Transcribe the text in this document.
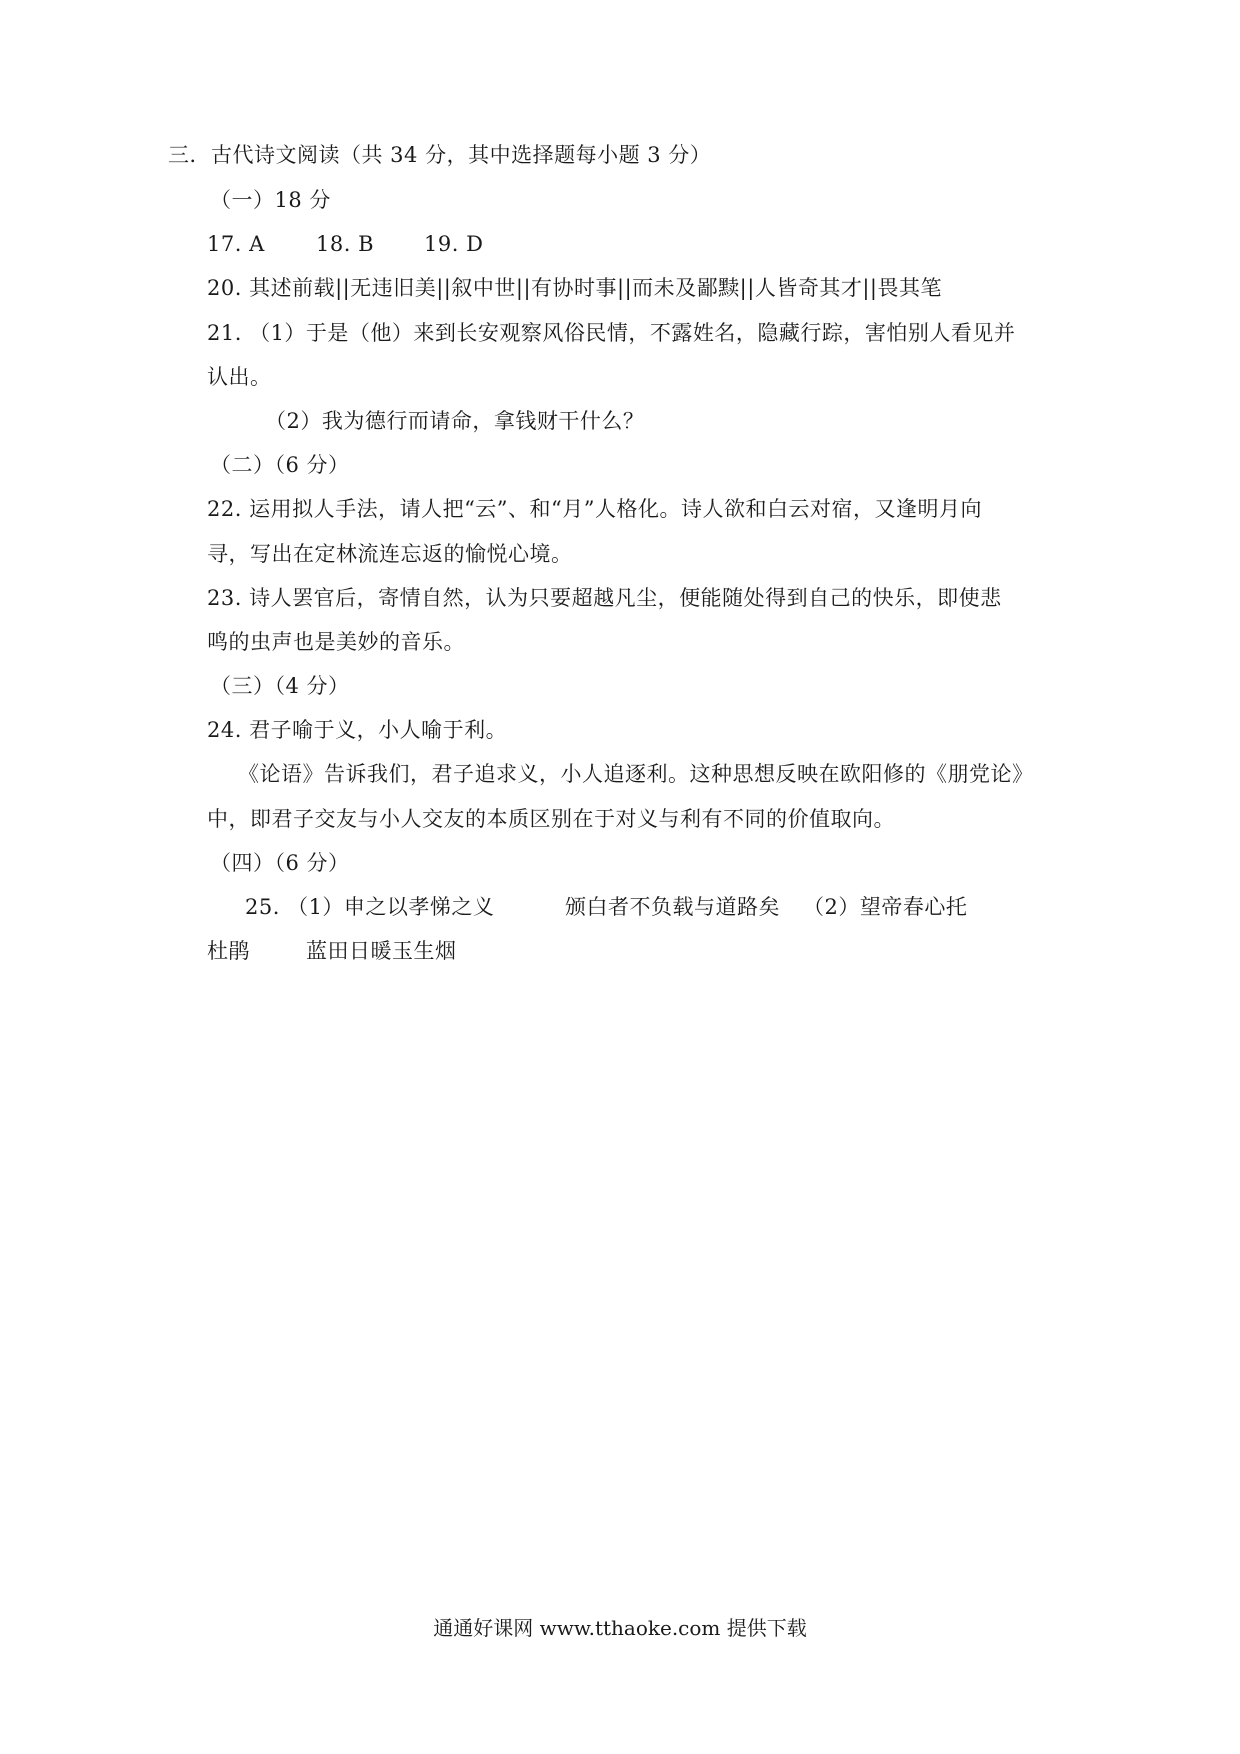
三．古代诗文阅读（共 34 分，其中选择题每小题 3 分）
（一）18 分
17. A 18. B 19. D
20. 其述前载||无违旧美||叙中世||有协时事||而未及鄙黩||人皆奇其才||畏其笔
21. （1）于是（他）来到长安观察风俗民情，不露姓名，隐藏行踪，害怕别人看见并
认出。
（2）我为德行而请命，拿钱财干什么？
（二）（6 分）
22. 运用拟人手法，请人把“云”、和“月”人格化。诗人欲和白云对宿，又逢明月向
寻，写出在定林流连忘返的愉悦心境。
23. 诗人罢官后，寄情自然，认为只要超越凡尘，便能随处得到自己的快乐，即使悲
鸣的虫声也是美妙的音乐。
（三）（4 分）
24. 君子喻于义，小人喻于利。
《论语》告诉我们，君子追求义，小人追逐利。这种思想反映在欧阳修的《朋党论》
中，即君子交友与小人交友的本质区别在于对义与利有不同的价值取向。
（四）（6 分）
25. （1）申之以孝悌之义	颁白者不负载与道路矣 （2）望帝春心托
杜鹃	蓝田日暖玉生烟
通通好课网 www.tthaoke.com 提供下载
